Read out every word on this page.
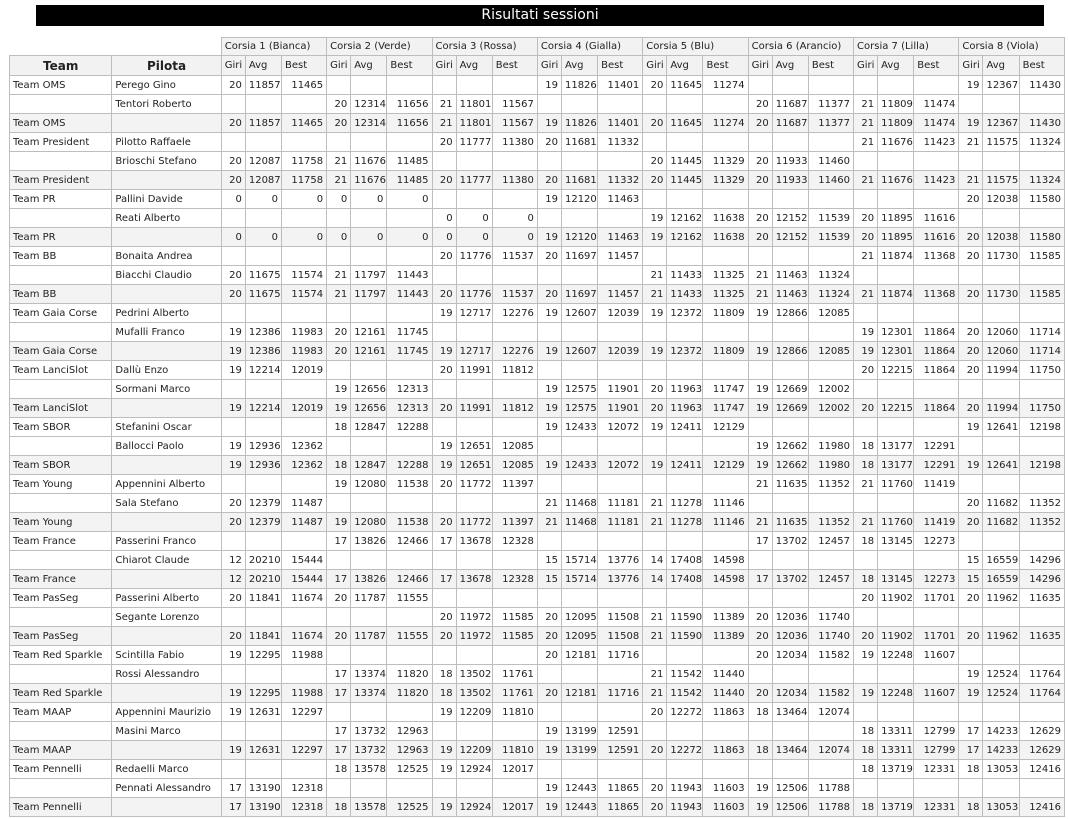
Risultati sessioni
		Corsia 1 (Bianca)			Corsia 2 (Verde)			Corsia 3 (Rossa)			Corsia 4 (Gialla)			Corsia 5 (Blu)			Corsia 6 (Arancio)			Corsia 7 (Lilla)			Corsia 8 (Viola)		
Team	Pilota	Giri	Avg	Best	Giri	Avg	Best	Giri	Avg	Best	Giri	Avg	Best	Giri	Avg	Best	Giri	Avg	Best	Giri	Avg	Best	Giri	Avg	Best
Team OMS	Perego Gino	20	11857	11465							19	11826	11401	20	11645	11274							19	12367	11430
	Tentori Roberto				20	12314	11656	21	11801	11567							20	11687	11377	21	11809	11474			
Team OMS		20	11857	11465	20	12314	11656	21	11801	11567	19	11826	11401	20	11645	11274	20	11687	11377	21	11809	11474	19	12367	11430
Team President	Pilotto Raffaele							20	11777	11380	20	11681	11332							21	11676	11423	21	11575	11324
	Brioschi Stefano	20	12087	11758	21	11676	11485							20	11445	11329	20	11933	11460						
Team President		20	12087	11758	21	11676	11485	20	11777	11380	20	11681	11332	20	11445	11329	20	11933	11460	21	11676	11423	21	11575	11324
Team PR	Pallini Davide	0	0	0	0	0	0				19	12120	11463										20	12038	11580
	Reati Alberto							0	0	0				19	12162	11638	20	12152	11539	20	11895	11616			
Team PR		0	0	0	0	0	0	0	0	0	19	12120	11463	19	12162	11638	20	12152	11539	20	11895	11616	20	12038	11580
Team BB	Bonaita Andrea							20	11776	11537	20	11697	11457							21	11874	11368	20	11730	11585
	Biacchi Claudio	20	11675	11574	21	11797	11443							21	11433	11325	21	11463	11324						
Team BB		20	11675	11574	21	11797	11443	20	11776	11537	20	11697	11457	21	11433	11325	21	11463	11324	21	11874	11368	20	11730	11585
Team Gaia Corse	Pedrini Alberto							19	12717	12276	19	12607	12039	19	12372	11809	19	12866	12085						
	Mufalli Franco	19	12386	11983	20	12161	11745													19	12301	11864	20	12060	11714
Team Gaia Corse		19	12386	11983	20	12161	11745	19	12717	12276	19	12607	12039	19	12372	11809	19	12866	12085	19	12301	11864	20	12060	11714
Team LanciSlot	Dallù Enzo	19	12214	12019				20	11991	11812										20	12215	11864	20	11994	11750
	Sormani Marco				19	12656	12313				19	12575	11901	20	11963	11747	19	12669	12002						
Team LanciSlot		19	12214	12019	19	12656	12313	20	11991	11812	19	12575	11901	20	11963	11747	19	12669	12002	20	12215	11864	20	11994	11750
Team SBOR	Stefanini Oscar				18	12847	12288				19	12433	12072	19	12411	12129							19	12641	12198
	Ballocci Paolo	19	12936	12362				19	12651	12085							19	12662	11980	18	13177	12291			
Team SBOR		19	12936	12362	18	12847	12288	19	12651	12085	19	12433	12072	19	12411	12129	19	12662	11980	18	13177	12291	19	12641	12198
Team Young	Appennini Alberto				19	12080	11538	20	11772	11397							21	11635	11352	21	11760	11419			
	Sala Stefano	20	12379	11487							21	11468	11181	21	11278	11146							20	11682	11352
Team Young		20	12379	11487	19	12080	11538	20	11772	11397	21	11468	11181	21	11278	11146	21	11635	11352	21	11760	11419	20	11682	11352
Team France	Passerini Franco				17	13826	12466	17	13678	12328							17	13702	12457	18	13145	12273			
	Chiarot Claude	12	20210	15444							15	15714	13776	14	17408	14598							15	16559	14296
Team France		12	20210	15444	17	13826	12466	17	13678	12328	15	15714	13776	14	17408	14598	17	13702	12457	18	13145	12273	15	16559	14296
Team PasSeg	Passerini Alberto	20	11841	11674	20	11787	11555													20	11902	11701	20	11962	11635
	Segante Lorenzo							20	11972	11585	20	12095	11508	21	11590	11389	20	12036	11740						
Team PasSeg		20	11841	11674	20	11787	11555	20	11972	11585	20	12095	11508	21	11590	11389	20	12036	11740	20	11902	11701	20	11962	11635
Team Red Sparkle	Scintilla Fabio	19	12295	11988							20	12181	11716				20	12034	11582	19	12248	11607			
	Rossi Alessandro				17	13374	11820	18	13502	11761				21	11542	11440							19	12524	11764
Team Red Sparkle		19	12295	11988	17	13374	11820	18	13502	11761	20	12181	11716	21	11542	11440	20	12034	11582	19	12248	11607	19	12524	11764
Team MAAP	Appennini Maurizio	19	12631	12297				19	12209	11810				20	12272	11863	18	13464	12074						
	Masini Marco				17	13732	12963				19	13199	12591							18	13311	12799	17	14233	12629
Team MAAP		19	12631	12297	17	13732	12963	19	12209	11810	19	13199	12591	20	12272	11863	18	13464	12074	18	13311	12799	17	14233	12629
Team Pennelli	Redaelli Marco				18	13578	12525	19	12924	12017										18	13719	12331	18	13053	12416
	Pennati Alessandro	17	13190	12318							19	12443	11865	20	11943	11603	19	12506	11788						
Team Pennelli		17	13190	12318	18	13578	12525	19	12924	12017	19	12443	11865	20	11943	11603	19	12506	11788	18	13719	12331	18	13053	12416
